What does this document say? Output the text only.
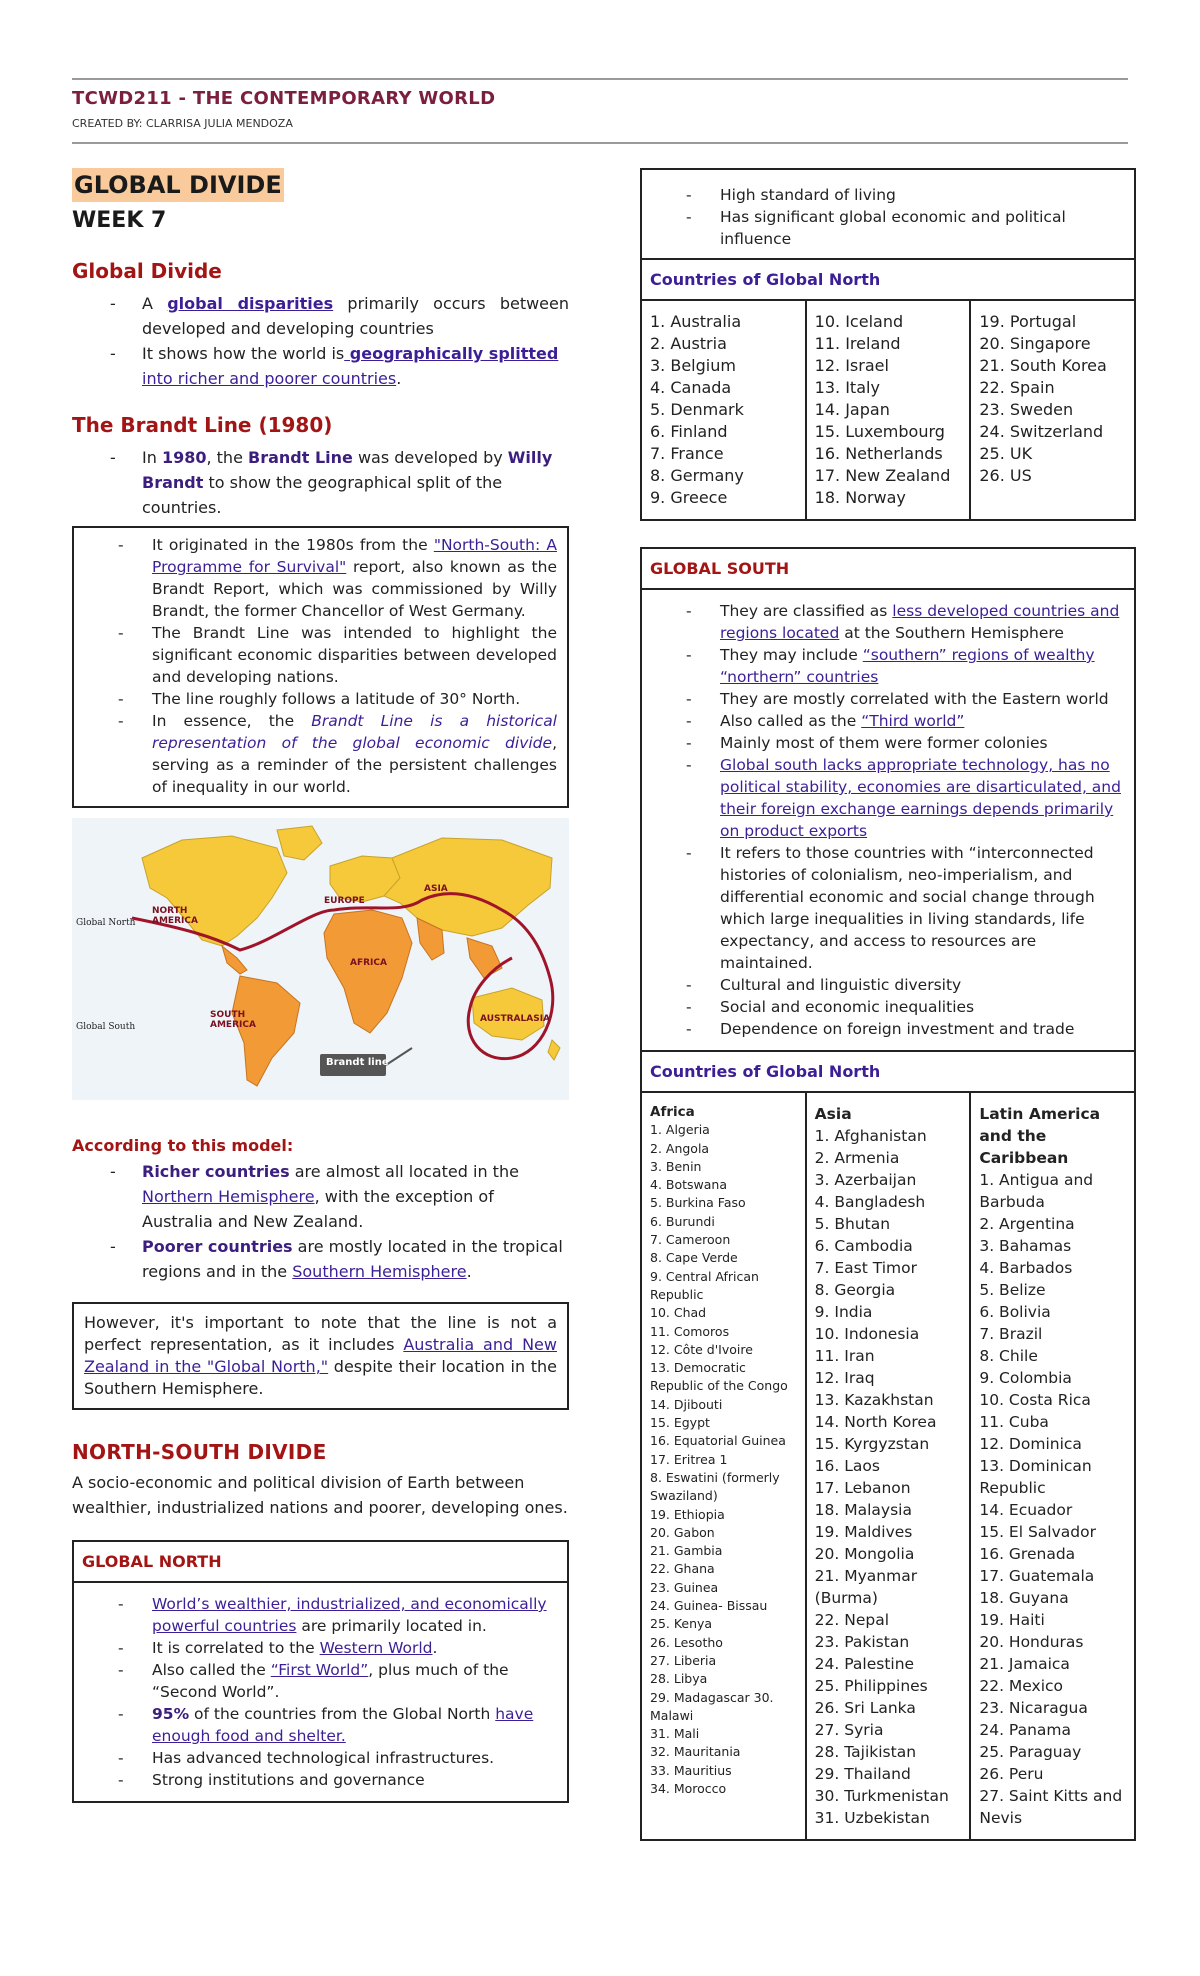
TCWD211 - THE CONTEMPORARY WORLD
CREATED BY: CLARRISA JULIA MENDOZA
GLOBAL DIVIDE
WEEK 7
Global Divide
- A global disparities primarily occurs between developed and developing countries
- It shows how the world is geographically splitted into richer and poorer countries.
The Brandt Line (1980)
- In 1980, the Brandt Line was developed by Willy Brandt to show the geographical split of the countries.
- It originated in the 1980s from the "North-South: A Programme for Survival" report, also known as the Brandt Report, which was commissioned by Willy Brandt, the former Chancellor of West Germany.
- The Brandt Line was intended to highlight the significant economic disparities between developed and developing nations.
- The line roughly follows a latitude of 30° North.
- In essence, the Brandt Line is a historical representation of the global economic divide, serving as a reminder of the persistent challenges of inequality in our world.
Global North
Global South
NORTH AMERICA
SOUTH AMERICA
EUROPE
ASIA
AFRICA
AUSTRALASIA
Brandt line
According to this model:
- Richer countries are almost all located in the Northern Hemisphere, with the exception of Australia and New Zealand.
- Poorer countries are mostly located in the tropical regions and in the Southern Hemisphere.
However, it's important to note that the line is not a perfect representation, as it includes Australia and New Zealand in the "Global North," despite their location in the Southern Hemisphere.
NORTH-SOUTH DIVIDE
A socio-economic and political division of Earth between wealthier, industrialized nations and poorer, developing ones.
GLOBAL NORTH
- World’s wealthier, industrialized, and economically powerful countries are primarily located in.
- It is correlated to the Western World.
- Also called the “First World”, plus much of the “Second World”.
- 95% of the countries from the Global North have enough food and shelter.
- Has advanced technological infrastructures.
- Strong institutions and governance
- High standard of living
- Has significant global economic and political influence
Countries of Global North
1. Australia
2. Austria
3. Belgium
4. Canada
5. Denmark
6. Finland
7. France
8. Germany
9. Greece
10. Iceland
11. Ireland
12. Israel
13. Italy
14. Japan
15. Luxembourg
16. Netherlands
17. New Zealand
18. Norway
19. Portugal
20. Singapore
21. South Korea
22. Spain
23. Sweden
24. Switzerland
25. UK
26. US
GLOBAL SOUTH
- They are classified as less developed countries and regions located at the Southern Hemisphere
- They may include “southern” regions of wealthy “northern” countries
- They are mostly correlated with the Eastern world
- Also called as the “Third world”
- Mainly most of them were former colonies
- Global south lacks appropriate technology, has no political stability, economies are disarticulated, and their foreign exchange earnings depends primarily on product exports
- It refers to those countries with “interconnected histories of colonialism, neo-imperialism, and differential economic and social change through which large inequalities in living standards, life expectancy, and access to resources are maintained.
- Cultural and linguistic diversity
- Social and economic inequalities
- Dependence on foreign investment and trade
Countries of Global North
Africa
1. Algeria
2. Angola
3. Benin
4. Botswana
5. Burkina Faso
6. Burundi
7. Cameroon
8. Cape Verde
9. Central African Republic
10. Chad
11. Comoros
12. Côte d'Ivoire
13. Democratic Republic of the Congo
14. Djibouti
15. Egypt
16. Equatorial Guinea
17. Eritrea 1
8. Eswatini (formerly Swaziland)
19. Ethiopia
20. Gabon
21. Gambia
22. Ghana
23. Guinea
24. Guinea- Bissau
25. Kenya
26. Lesotho
27. Liberia
28. Libya
29. Madagascar 30. Malawi
31. Mali
32. Mauritania
33. Mauritius
34. Morocco
Asia
1. Afghanistan
2. Armenia
3. Azerbaijan
4. Bangladesh
5. Bhutan
6. Cambodia
7. East Timor
8. Georgia
9. India
10. Indonesia
11. Iran
12. Iraq
13. Kazakhstan
14. North Korea
15. Kyrgyzstan
16. Laos
17. Lebanon
18. Malaysia
19. Maldives
20. Mongolia
21. Myanmar (Burma)
22. Nepal
23. Pakistan
24. Palestine
25. Philippines
26. Sri Lanka
27. Syria
28. Tajikistan
29. Thailand
30. Turkmenistan
31. Uzbekistan
Latin America and the Caribbean
1. Antigua and Barbuda
2. Argentina
3. Bahamas
4. Barbados
5. Belize
6. Bolivia
7. Brazil
8. Chile
9. Colombia
10. Costa Rica
11. Cuba
12. Dominica
13. Dominican Republic
14. Ecuador
15. El Salvador
16. Grenada
17. Guatemala
18. Guyana
19. Haiti
20. Honduras
21. Jamaica
22. Mexico
23. Nicaragua
24. Panama
25. Paraguay
26. Peru
27. Saint Kitts and Nevis
